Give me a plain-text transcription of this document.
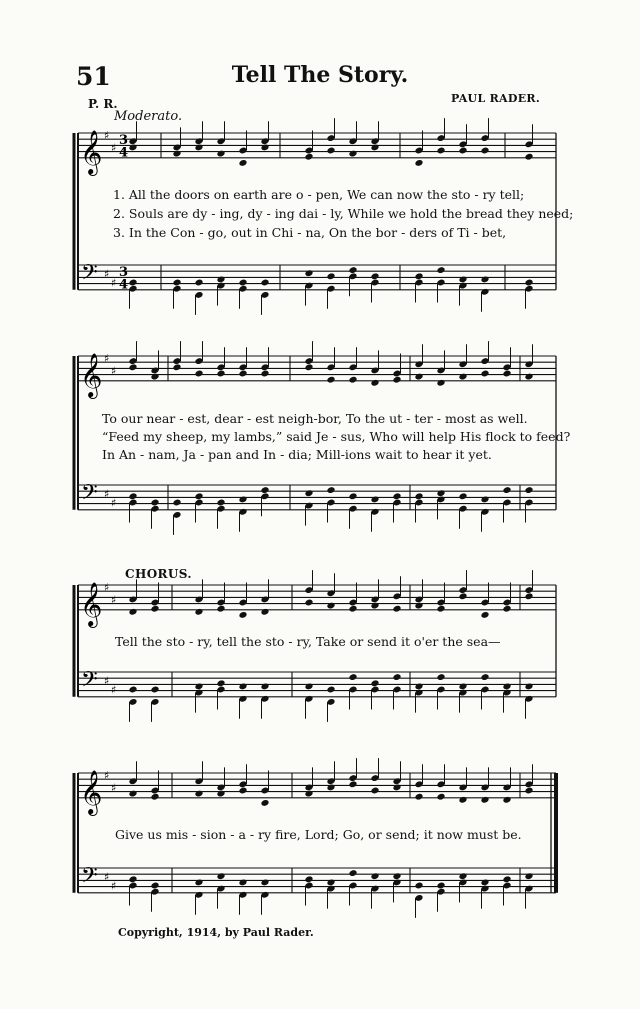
51	Tell The Story.
P. R.	PAUL RADER.
Moderato.
CHORUS.
1. All the doors on earth are o - pen, We can now the sto - ry tell;
2. Souls are dy - ing, dy - ing dai - ly, While we hold the bread they need;
3. In the Con - go, out in Chi - na, On the bor - ders of Ti - bet,
To our near - est, dear - est neigh-bor, To the ut - ter - most as well.
“Feed my sheep, my lambs,” said Je - sus, Who will help His flock to feed?
In An - nam, Ja - pan and In - dia; Mill-ions wait to hear it yet.
Tell the sto - ry, tell the sto - ry, Take or send it o'er the sea—
Give us mis - sion - a - ry fire, Lord; Go, or send; it now must be.
Copyright, 1914, by Paul Rader.
𝄞
𝄢
♯
♯
♯
♯
3
4
3
4
𝄞
𝄢
♯
♯
♯
♯
𝄞
𝄢
♯
♯
♯
♯
𝄞
𝄢
♯
♯
♯
♯
